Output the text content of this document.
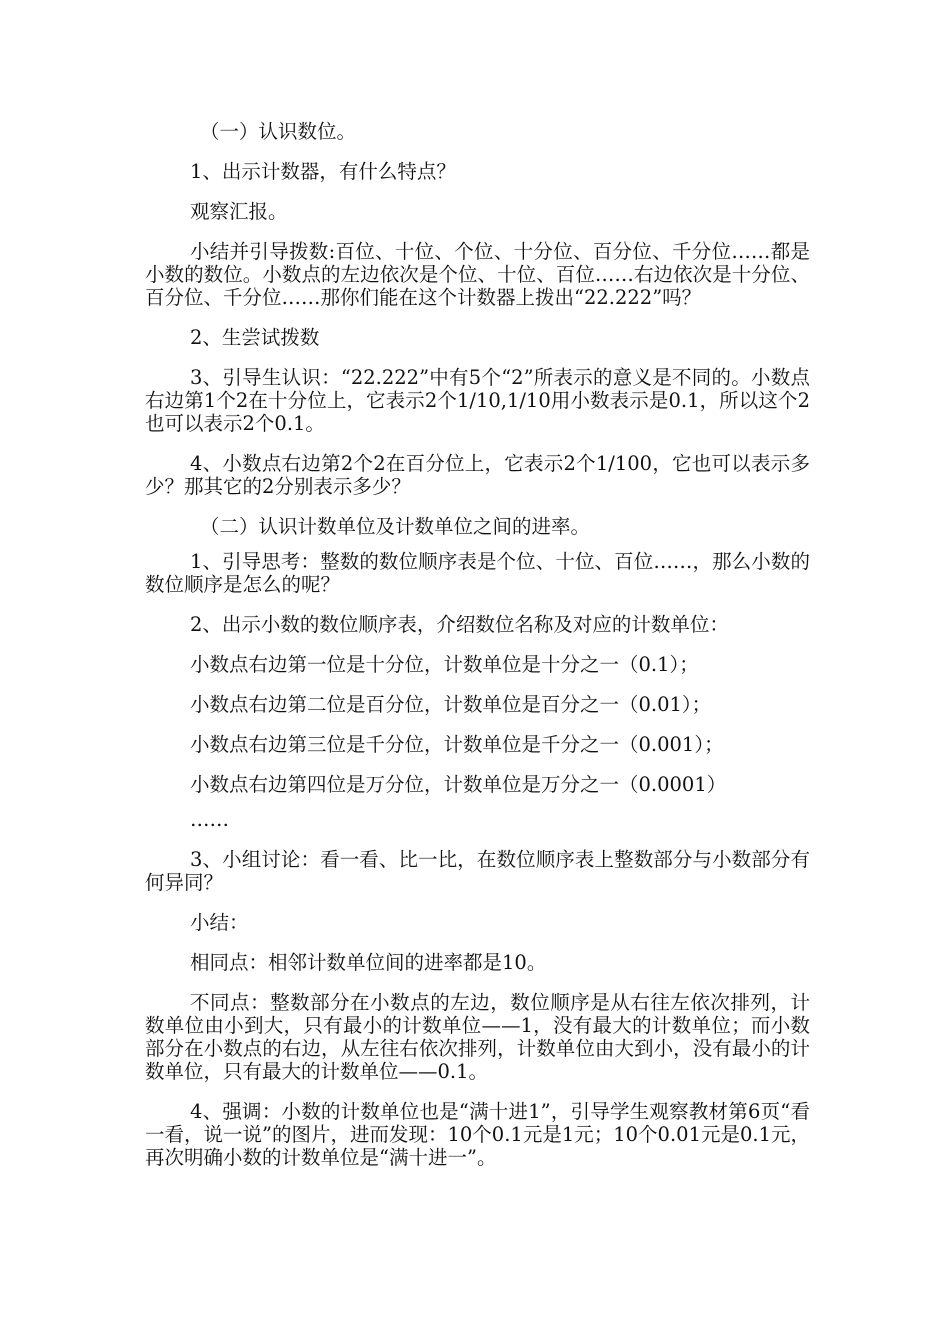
（一）认识数位。

1、出示计数器，有什么特点？

观察汇报。

小结并引导拨数:百位、十位、个位、十分位、百分位、千分位……都是小数的数位。小数点的左边依次是个位、十位、百位……右边依次是十分位、百分位、千分位……那你们能在这个计数器上拨出“22.222”吗？

2、生尝试拨数

3、引导生认识：“22.222”中有5个“2”所表示的意义是不同的。小数点右边第1个2在十分位上，它表示2个1/10,1/10用小数表示是0.1，所以这个2也可以表示2个0.1。

4、小数点右边第2个2在百分位上，它表示2个1/100，它也可以表示多少？那其它的2分别表示多少？

（二）认识计数单位及计数单位之间的进率。

1、引导思考：整数的数位顺序表是个位、十位、百位……，那么小数的数位顺序是怎么的呢？

2、出示小数的数位顺序表，介绍数位名称及对应的计数单位：

小数点右边第一位是十分位，计数单位是十分之一（0.1）；

小数点右边第二位是百分位，计数单位是百分之一（0.01）；

小数点右边第三位是千分位，计数单位是千分之一（0.001）；

小数点右边第四位是万分位，计数单位是万分之一（0.0001）

……

3、小组讨论：看一看、比一比，在数位顺序表上整数部分与小数部分有何异同？

小结：

相同点：相邻计数单位间的进率都是10。

不同点：整数部分在小数点的左边，数位顺序是从右往左依次排列，计数单位由小到大，只有最小的计数单位——1，没有最大的计数单位；而小数部分在小数点的右边，从左往右依次排列，计数单位由大到小，没有最小的计数单位，只有最大的计数单位——0.1。

4、强调：小数的计数单位也是“满十进1”，引导学生观察教材第6页“看一看，说一说”的图片，进而发现：10个0.1元是1元；10个0.01元是0.1元，再次明确小数的计数单位是“满十进一”。
